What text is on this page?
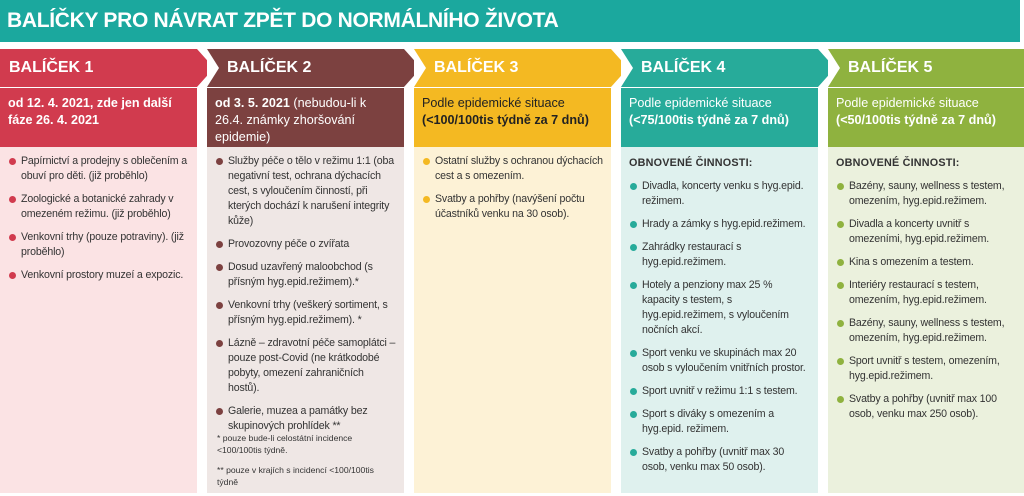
BALÍČKY PRO NÁVRAT ZPĚT DO NORMÁLNÍHO ŽIVOTA
BALÍČEK 1
od 12. 4. 2021, zde jen další fáze 26. 4. 2021
Papírnictví a prodejny s oblečením a obuví pro děti. (již proběhlo)
Zoologické a botanické zahrady v omezeném režimu. (již proběhlo)
Venkovní trhy (pouze potraviny). (již proběhlo)
Venkovní prostory muzeí a expozic.
BALÍČEK 2
od 3. 5. 2021 (nebudou-li k 26.4. známky zhoršování epidemie)
Služby péče o tělo v režimu 1:1 (oba negativní test, ochrana dýchacích cest, s vyloučením činností, při kterých dochází k narušení integrity kůže)
Provozovny péče o zvířata
Dosud uzavřený maloobchod (s přísným hyg.epid.režimem).*
Venkovní trhy (veškerý sortiment, s přísným hyg.epid.režimem). *
Lázně – zdravotní péče samoplátci – pouze post-Covid (ne krátkodobé pobyty, omezení zahraničních hostů).
Galerie, muzea a památky bez skupinových prohlídek **
* pouze bude-li celostátní incidence <100/100tis týdně.
** pouze v krajích s incidencí <100/100tis týdně
BALÍČEK 3
Podle epidemické situace
(<100/100tis týdně za 7 dnů)
Ostatní služby s ochranou dýchacích cest a s omezením.
Svatby a pohřby (navýšení počtu účastníků venku na 30 osob).
BALÍČEK 4
Podle epidemické situace
(<75/100tis týdně za 7 dnů)
OBNOVENÉ ČINNOSTI:
Divadla, koncerty venku s hyg.epid. režimem.
Hrady a zámky s hyg.epid.režimem.
Zahrádky restaurací s hyg.epid.režimem.
Hotely a penziony max 25 % kapacity s testem, s hyg.epid.režimem, s vyloučením nočních akcí.
Sport venku ve skupinách max 20 osob s vyloučením vnitřních prostor.
Sport uvnitř v režimu 1:1 s testem.
Sport s diváky s omezením a hyg.epid. režimem.
Svatby a pohřby (uvnitř max 30 osob, venku max 50 osob).
BALÍČEK 5
Podle epidemické situace
(<50/100tis týdně za 7 dnů)
OBNOVENÉ ČINNOSTI:
Bazény, sauny, wellness s testem, omezením, hyg.epid.režimem.
Divadla a koncerty uvnitř s omezeními, hyg.epid.režimem.
Kina s omezením a testem.
Interiéry restaurací s testem, omezením, hyg.epid.režimem.
Bazény, sauny, wellness s testem, omezením, hyg.epid.režimem.
Sport uvnitř s testem, omezením, hyg.epid.režimem.
Svatby a pohřby (uvnitř max 100 osob, venku max 250 osob).
